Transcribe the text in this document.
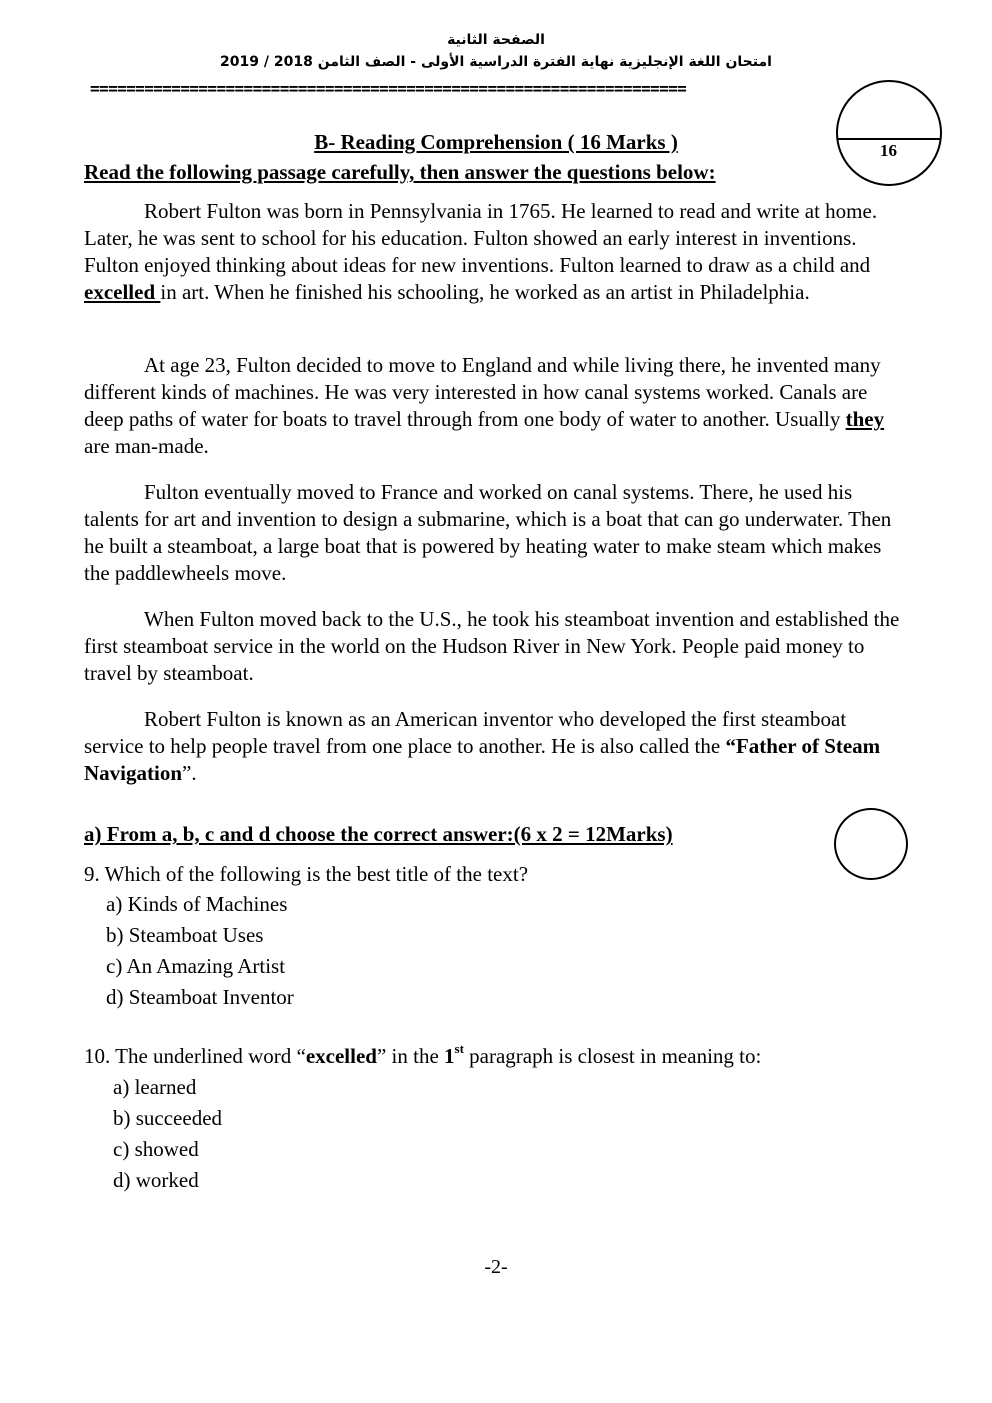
الصفحة الثانية
امتحان اللغة الإنجليزية نهاية الفترة الدراسية الأولى - الصف الثامن 2018 / 2019
==================================================================
16
B- Reading Comprehension ( 16 Marks )
Read the following passage carefully, then answer the questions below:

Robert Fulton was born in Pennsylvania in 1765. He learned to read and write at home. Later, he was sent to school for his education. Fulton showed an early interest in inventions. Fulton enjoyed thinking about ideas for new inventions. Fulton learned to draw as a child and excelled in art. When he finished his schooling, he worked as an artist in Philadelphia.

At age 23, Fulton decided to move to England and while living there, he invented many different kinds of machines. He was very interested in how canal systems worked. Canals are deep paths of water for boats to travel through from one body of water to another. Usually they are man-made.

Fulton eventually moved to France and worked on canal systems. There, he used his talents for art and invention to design a submarine, which is a boat that can go underwater. Then he built a steamboat, a large boat that is powered by heating water to make steam which makes the paddlewheels move.

When Fulton moved back to the U.S., he took his steamboat invention and established the first steamboat service in the world on the Hudson River in New York. People paid money to travel by steamboat.

Robert Fulton is known as an American inventor who developed the first steamboat service to help people travel from one place to another. He is also called the “Father of Steam Navigation”.

a) From a, b, c and d choose the correct answer:(6 x 2 = 12Marks)
9. Which of the following is the best title of the text?
a) Kinds of Machines
b) Steamboat Uses
c) An Amazing Artist
d) Steamboat Inventor
10. The underlined word “excelled” in the 1st paragraph is closest in meaning to:
a) learned
b) succeeded
c) showed
d) worked
-2-
